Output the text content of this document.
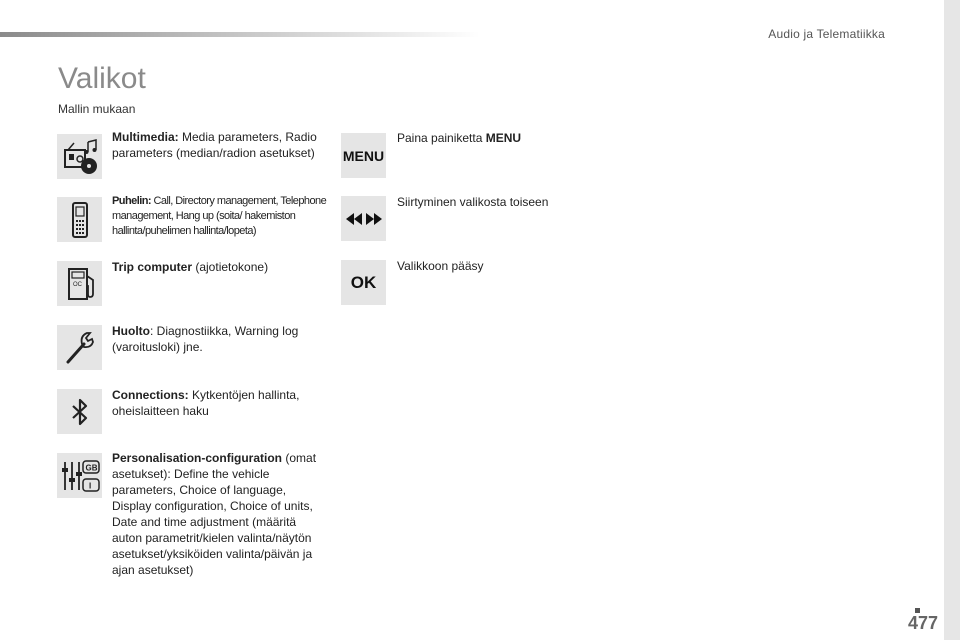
Audio ja Telematiikka
Valikot
Mallin mukaan
Multimedia: Media parameters, Radio parameters (median/radion asetukset)
Puhelin: Call, Directory management, Telephone management, Hang up (soita/ hakemiston hallinta/puhelimen hallinta/lopeta)
OC
Trip computer (ajotietokone)
Huolto: Diagnostiikka, Warning log (varoitusloki) jne.
Connections: Kytkentöjen hallinta, oheislaitteen haku
GB
I
Personalisation-configuration (omat asetukset): Define the vehicle parameters, Choice of language, Display configuration, Choice of units, Date and time adjustment (määritä auton parametrit/kielen valinta/näytön asetukset/yksiköiden valinta/päivän ja ajan asetukset)
MENU
Paina painiketta MENU
Siirtyminen valikosta toiseen
OK
Valikkoon pääsy
477
